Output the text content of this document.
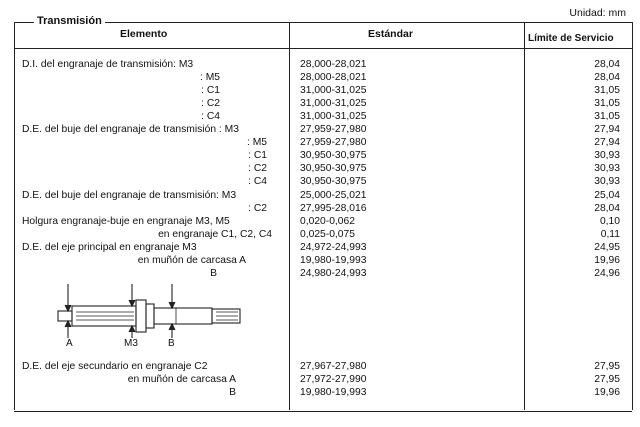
Unidad: mm
Transmisión
Elemento	Estándar	Límite de Servicio
D.I. del engranaje de transmisión: M3	28,000-28,021	28,04
: M5	28,000-28,021	28,04
: C1	31,000-31,025	31,05
: C2	31,000-31,025	31,05
: C4	31,000-31,025	31,05
D.E. del buje del engranaje de transmisión : M3	27,959-27,980	27,94
: M5	27,959-27,980	27,94
: C1	30,950-30,975	30,93
: C2	30,950-30,975	30,93
: C4	30,950-30,975	30,93
D.E. del buje del engranaje de transmisión: M3	25,000-25,021	25,04
: C2	27,995-28,016	28,04
Holgura engranaje-buje en engranaje M3, M5	0,020-0,062	0,10
en engranaje C1, C2, C4	0,025-0,075	0,11
D.E. del eje principal en engranaje M3	24,972-24,993	24,95
en muñón de carcasa A	19,980-19,993	19,96
B	24,980-24,993	24,96
A	M3	B
D.E. del eje secundario en engranaje C2	27,967-27,980	27,95
en muñón de carcasa A	27,972-27,990	27,95
B	19,980-19,993	19,96
